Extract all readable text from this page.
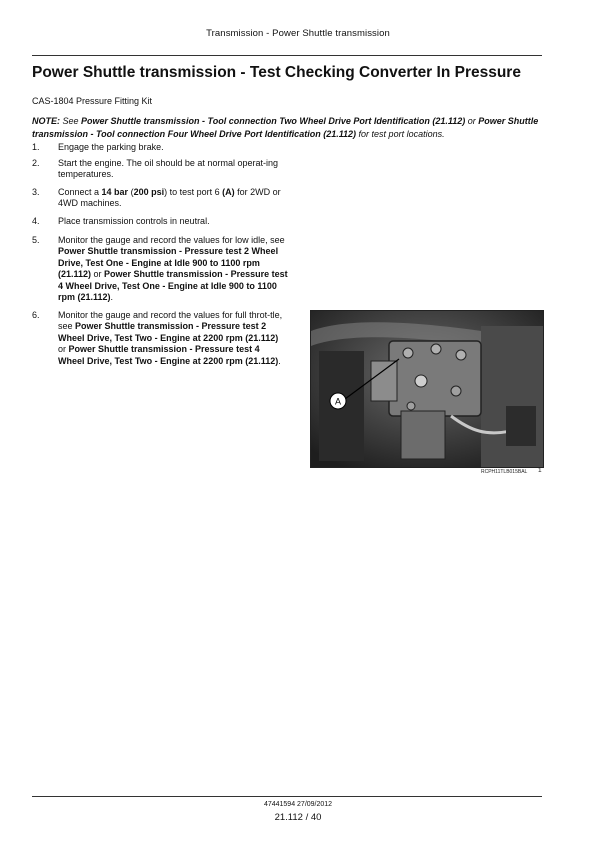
Transmission - Power Shuttle transmission
Power Shuttle transmission - Test Checking Converter In Pressure
CAS-1804 Pressure Fitting Kit

NOTE: See Power Shuttle transmission - Tool connection Two Wheel Drive Port Identification (21.112) or Power Shuttle transmission - Tool connection Four Wheel Drive Port Identification (21.112) for test port locations.

1. Engage the parking brake.
2. Start the engine. The oil should be at normal operat-ing temperatures.
3. Connect a 14 bar (200 psi) to test port 6 (A) for 2WD or 4WD machines.
4. Place transmission controls in neutral.
5. Monitor the gauge and record the values for low idle, see Power Shuttle transmission - Pressure test 2 Wheel Drive, Test One - Engine at Idle 900 to 1100 rpm (21.112) or Power Shuttle transmission - Pressure test 4 Wheel Drive, Test One - Engine at Idle 900 to 1100 rpm (21.112).
6. Monitor the gauge and record the values for full throt-tle, see Power Shuttle transmission - Pressure test 2 Wheel Drive, Test Two - Engine at 2200 rpm (21.112) or Power Shuttle transmission - Pressure test 4 Wheel Drive, Test Two - Engine at 2200 rpm (21.112).
A
RCPH11TLB015BAL 1
47441594 27/09/2012
21.112 / 40
